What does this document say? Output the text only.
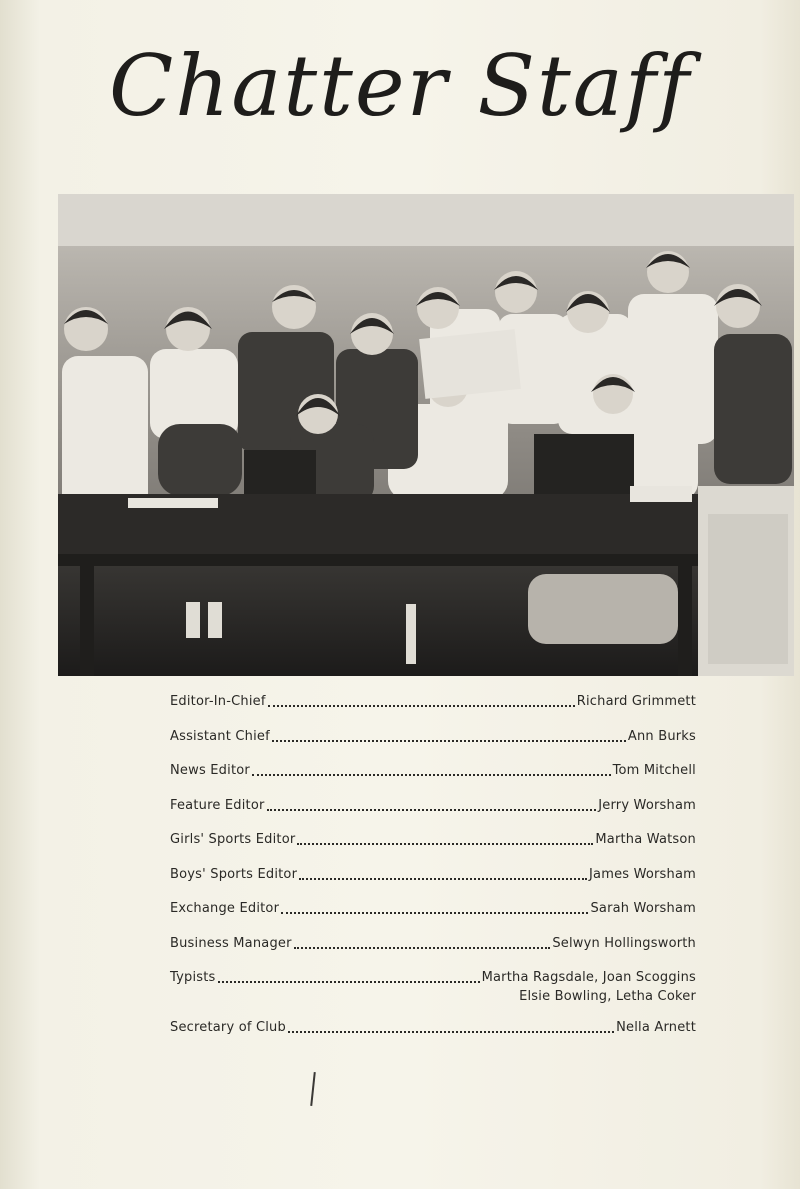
Chatter Staff
Editor-In-Chief	Richard Grimmett
Assistant Chief	Ann Burks
News Editor	Tom Mitchell
Feature Editor	Jerry Worsham
Girls' Sports Editor	Martha Watson
Boys' Sports Editor	James Worsham
Exchange Editor	Sarah Worsham
Business Manager	Selwyn Hollingsworth
Typists	Martha Ragsdale, Joan Scoggins
Elsie Bowling, Letha Coker
Secretary of Club	Nella Arnett
